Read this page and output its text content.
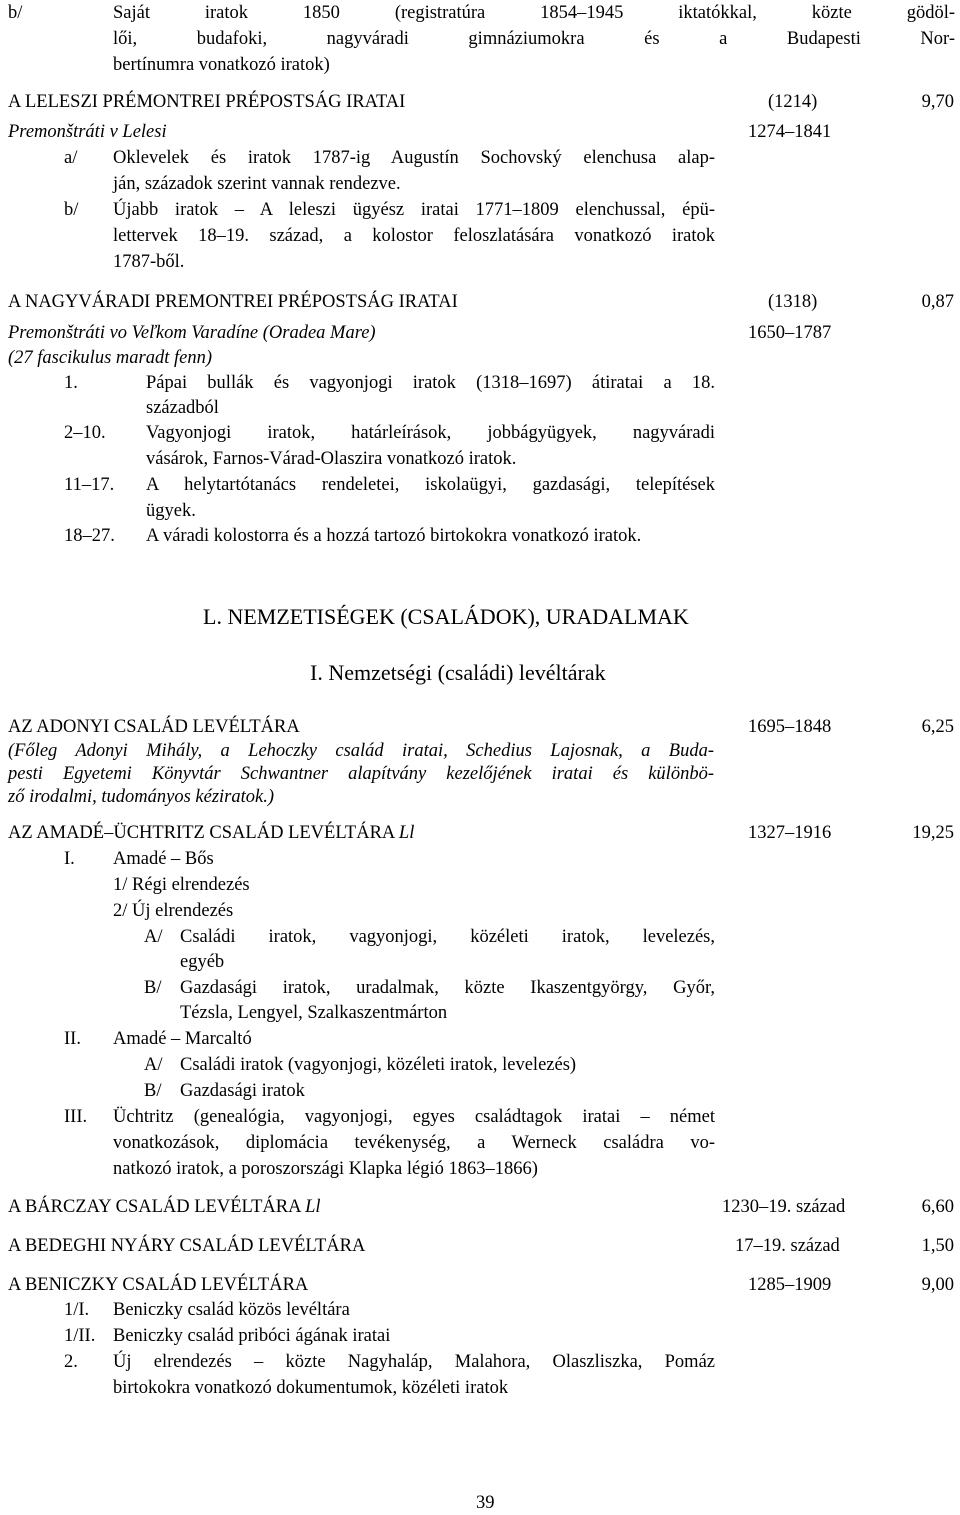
b/	Saját iratok 1850 (registratúra 1854–1945 iktatókkal, közte gödöl-
lői, budafoki, nagyváradi gimnáziumokra és a Budapesti Nor-
bertínumra vonatkozó iratok)
A LELESZI PRÉMONTREI PRÉPOSTSÁG IRATAI	(1214)	9,70
Premonštráti v Lelesi	1274–1841
a/ Oklevelek és iratok 1787-ig Augustín Sochovský elenchusa alap-
ján, századok szerint vannak rendezve.
b/ Újabb iratok – A leleszi ügyész iratai 1771–1809 elenchussal, épü-
lettervek 18–19. század, a kolostor feloszlatására vonatkozó iratok
1787-ből.
A NAGYVÁRADI PREMONTREI PRÉPOSTSÁG IRATAI	(1318)	0,87
Premonštráti vo Veľkom Varadíne (Oradea Mare)	1650–1787
(27 fascikulus maradt fenn)
1.	Pápai bullák és vagyonjogi iratok (1318–1697) átiratai a 18.
századból
2–10. Vagyonjogi iratok, határleírások, jobbágyügyek, nagyváradi
vásárok, Farnos-Várad-Olaszira vonatkozó iratok.
11–17. A helytartótanács rendeletei, iskolaügyi, gazdasági, telepítések
ügyek.
18–27. A váradi kolostorra és a hozzá tartozó birtokokra vonatkozó iratok.
L. NEMZETISÉGEK (CSALÁDOK), URADALMAK
I. Nemzetségi (családi) levéltárak
AZ ADONYI CSALÁD LEVÉLTÁRA	1695–1848	6,25
(Főleg Adonyi Mihály, a Lehoczky család iratai, Schedius Lajosnak, a Buda-
pesti Egyetemi Könyvtár Schwantner alapítvány kezelőjének iratai és különbö-
ző irodalmi, tudományos kéziratok.)
AZ AMADÉ–ÜCHTRITZ CSALÁD LEVÉLTÁRA Ll	1327–1916	19,25
I. Amadé – Bős
1/ Régi elrendezés
2/ Új elrendezés
A/ Családi iratok, vagyonjogi, közéleti iratok, levelezés,
egyéb
B/ Gazdasági iratok, uradalmak, közte Ikaszentgyörgy, Győr,
Tézsla, Lengyel, Szalkaszentmárton
II. Amadé – Marcaltó
A/ Családi iratok (vagyonjogi, közéleti iratok, levelezés)
B/ Gazdasági iratok
III. Üchtritz (genealógia, vagyonjogi, egyes családtagok iratai – német
vonatkozások, diplomácia tevékenység, a Werneck családra vo-
natkozó iratok, a poroszországi Klapka légió 1863–1866)
A BÁRCZAY CSALÁD LEVÉLTÁRA Ll	1230–19. század	6,60
A BEDEGHI NYÁRY CSALÁD LEVÉLTÁRA	17–19. század	1,50
A BENICZKY CSALÁD LEVÉLTÁRA	1285–1909	9,00
1/I. Beniczky család közös levéltára
1/II. Beniczky család pribóci ágának iratai
2. Új elrendezés – közte Nagyhaláp, Malahora, Olaszliszka, Pomáz
birtokokra vonatkozó dokumentumok, közéleti iratok
39
